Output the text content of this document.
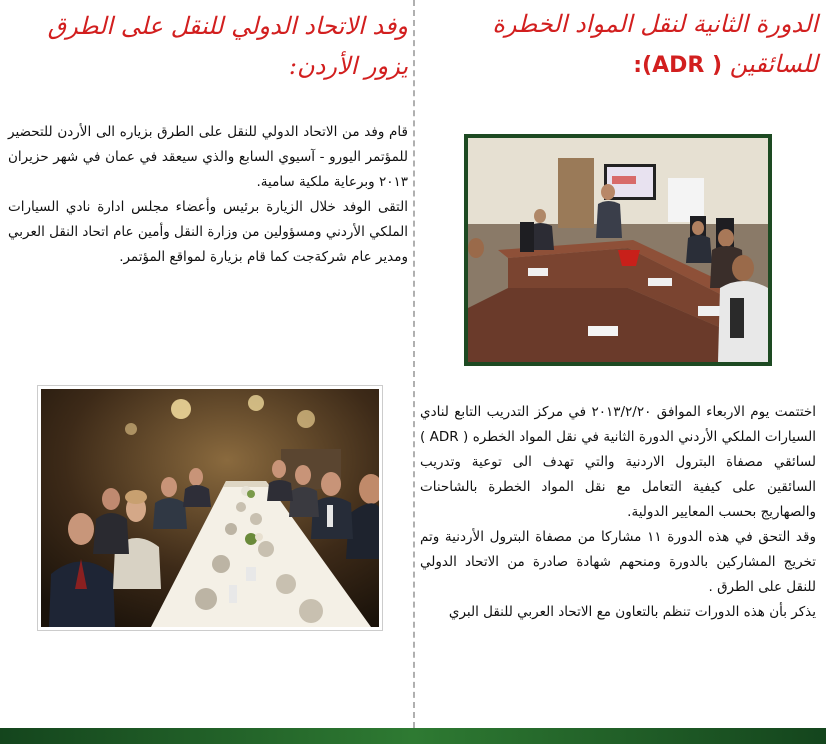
وفد الاتحاد الدولي للنقل على الطرق يزور الأردن:

قام وفد من الاتحاد الدولي للنقل على الطرق بزياره الى الأردن للتحضير للمؤتمر اليورو - آسيوي السابع والذي سيعقد في عمان في شهر حزيران ٢٠١٣ وبرعاية ملكية سامية.

التقى الوفد خلال الزيارة برئيس وأعضاء مجلس ادارة نادي السيارات الملكي الأردني ومسؤولين من وزارة النقل وأمين عام اتحاد النقل العربي ومدير عام شركةجت كما قام بزيارة لمواقع المؤتمر.

الدورة الثانية لنقل المواد الخطرة للسائقين ( ADR):

اختتمت يوم الاربعاء الموافق ٢٠١٣/٢/٢٠ في مركز التدريب التابع لنادي السيارات الملكي الأردني الدورة الثانية في نقل المواد الخطره ( ADR ) لسائقي مصفاة البترول الاردنية والتي تهدف الى توعية وتدريب السائقين على كيفية التعامل مع نقل المواد الخطرة بالشاحنات والصهاريج بحسب المعايير الدولية.

وقد التحق في هذه الدورة ١١ مشاركا من مصفاة البترول الأردنية وتم تخريج المشاركين بالدورة ومنحهم شهادة صادرة من الاتحاد الدولي للنقل على الطرق .

يذكر بأن هذه الدورات تنظم بالتعاون مع الاتحاد العربي للنقل البري
